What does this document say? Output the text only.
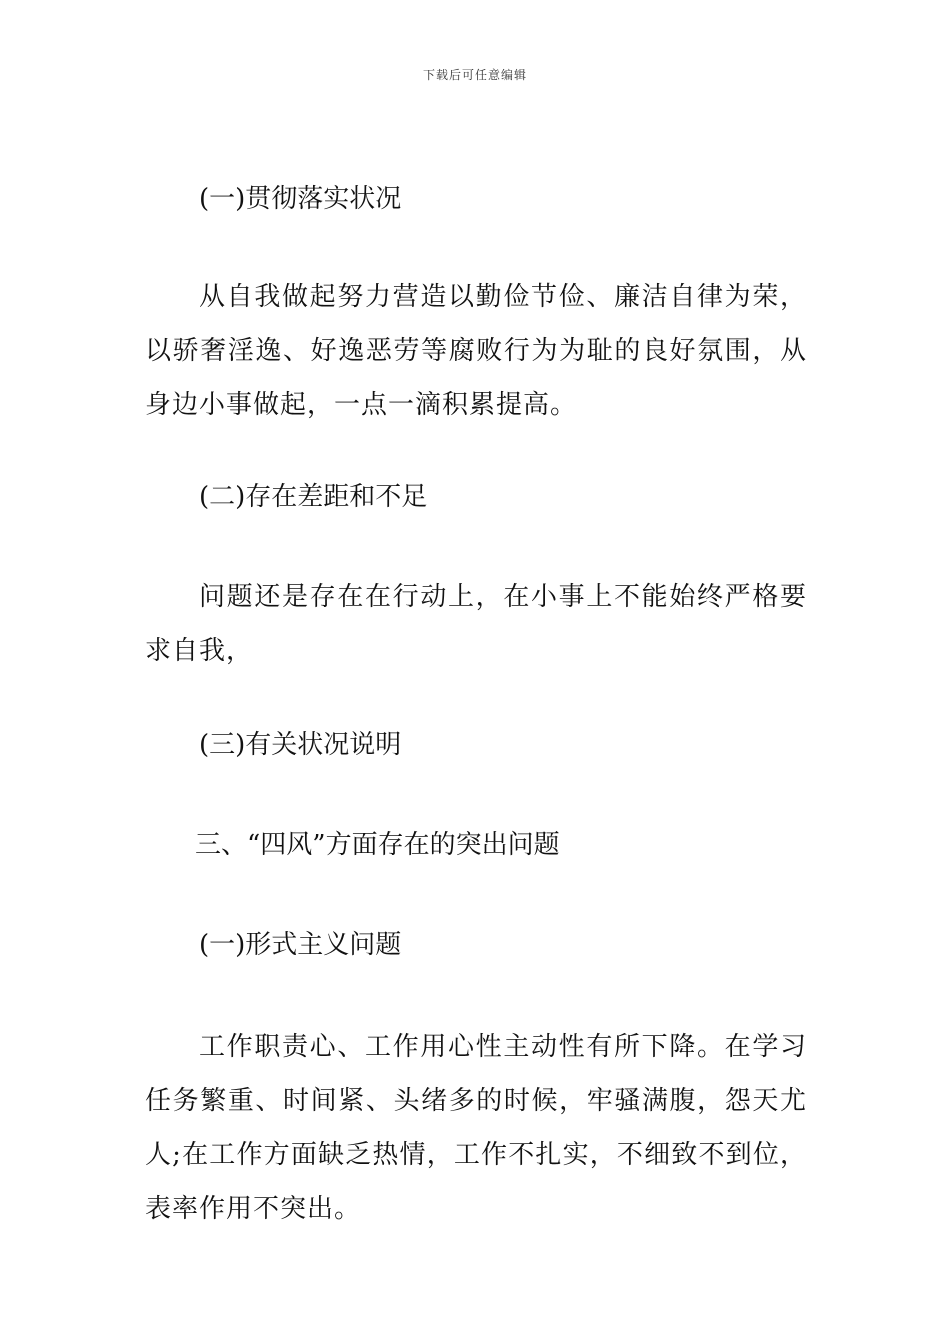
下载后可任意编辑
(一)贯彻落实状况
从自我做起努力营造以勤俭节俭、廉洁自律为荣，以骄奢淫逸、好逸恶劳等腐败行为为耻的良好氛围，从身边小事做起，一点一滴积累提高。
(二)存在差距和不足
问题还是存在在行动上，在小事上不能始终严格要求自我，
(三)有关状况说明
三、“四风”方面存在的突出问题
(一)形式主义问题
工作职责心、工作用心性主动性有所下降。在学习任务繁重、时间紧、头绪多的时候，牢骚满腹，怨天尤人;在工作方面缺乏热情，工作不扎实，不细致不到位，表率作用不突出。
